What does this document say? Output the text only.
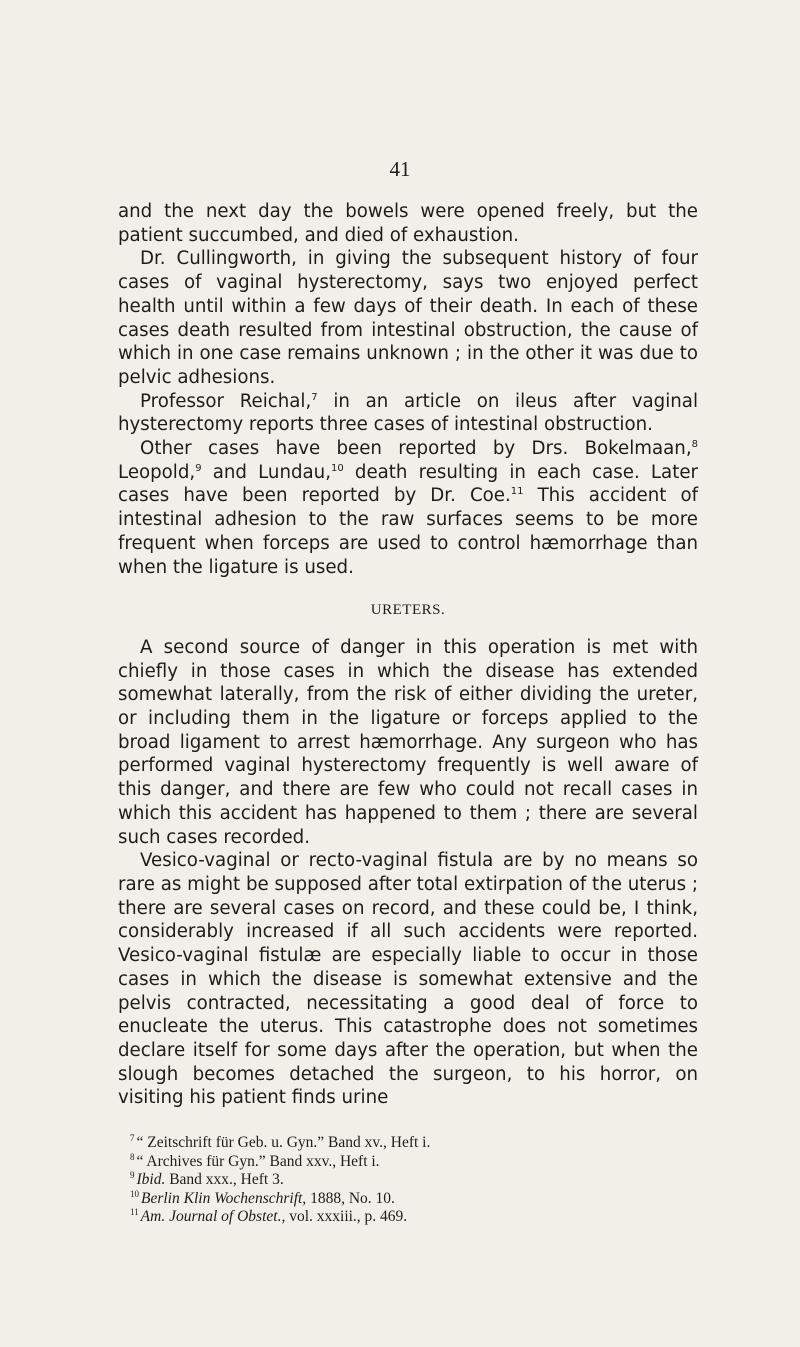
41

and the next day the bowels were opened freely, but the patient succumbed, and died of exhaustion.

Dr. Cullingworth, in giving the subsequent history of four cases of vaginal hysterectomy, says two enjoyed perfect health until within a few days of their death. In each of these cases death resulted from intestinal obstruction, the cause of which in one case remains unknown ; in the other it was due to pelvic adhesions.

Professor Reichal,$^7$ in an article on ileus after vaginal hysterectomy reports three cases of intestinal obstruction.

Other cases have been reported by Drs. Bokelmaan,$^8$ Leopold,$^9$ and Lundau,$^{10}$ death resulting in each case. Later cases have been reported by Dr. Coe.$^{11}$ This accident of intestinal adhesion to the raw surfaces seems to be more frequent when forceps are used to control hæmorrhage than when the ligature is used.

URETERS.

A second source of danger in this operation is met with chiefly in those cases in which the disease has extended somewhat laterally, from the risk of either dividing the ureter, or including them in the ligature or forceps applied to the broad ligament to arrest hæmorrhage. Any surgeon who has performed vaginal hysterectomy frequently is well aware of this danger, and there are few who could not recall cases in which this accident has happened to them ; there are several such cases recorded.

Vesico-vaginal or recto-vaginal fistula are by no means so rare as might be supposed after total extirpation of the uterus ; there are several cases on record, and these could be, I think, considerably increased if all such accidents were reported. Vesico-vaginal fistulæ are especially liable to occur in those cases in which the disease is somewhat extensive and the pelvis contracted, necessitating a good deal of force to enucleate the uterus. This catastrophe does not sometimes declare itself for some days after the operation, but when the slough becomes detached the surgeon, to his horror, on visiting his patient finds urine

$^7$ “ Zeitschrift für Geb. u. Gyn.” Band xv., Heft i.
$^8$ “ Archives für Gyn.” Band xxv., Heft i.
$^9$ Ibid. Band xxx., Heft 3.
$^{10}$ Berlin Klin Wochenschrift, 1888, No. 10.
$^{11}$ Am. Journal of Obstet., vol. xxxiii., p. 469.
